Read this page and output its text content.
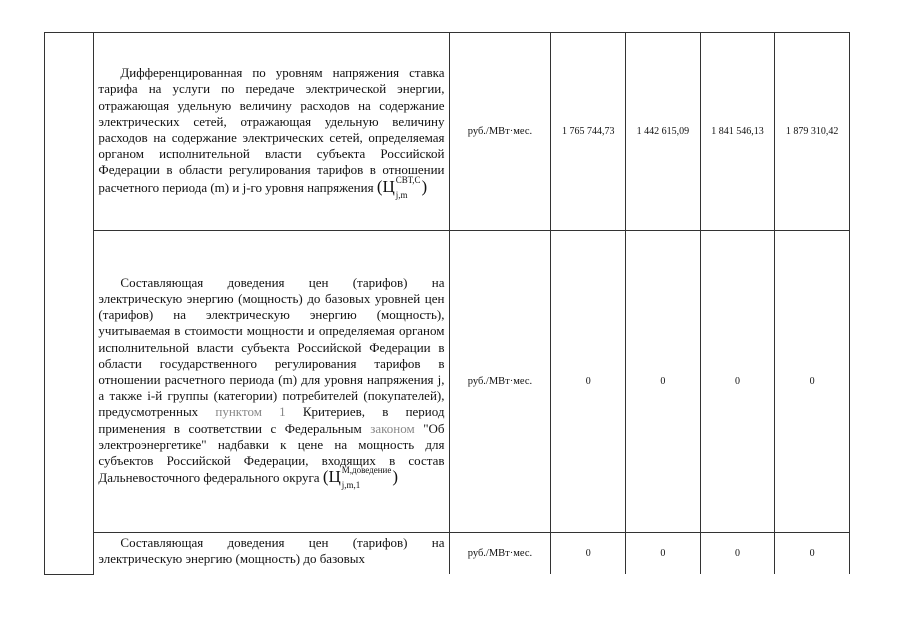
	Дифференцированная по уровням напряжения ставка тарифа на услуги по передаче электрической энергии, отражающая удельную величину расходов на содержание электрических сетей, отражающая удельную величину расходов на содержание электрических сетей, определяемая органом исполнительной власти субъекта Российской Федерации в области регулирования тарифов в отношении расчетного периода (m) и j-го уровня напряжения (Ц СВТ,С
j,m )	руб./МВт·мес.	1 765 744,73	1 442 615,09	1 841 546,13	1 879 310,42

	Составляющая доведения цен (тарифов) на электрическую энергию (мощность) до базовых уровней цен (тарифов) на электрическую энергию (мощность), учитываемая в стоимости мощности и определяемая органом исполнительной власти субъекта Российской Федерации в области государственного регулирования тарифов в отношении расчетного периода (m) для уровня напряжения j, а также i-й группы (категории) потребителей (покупателей), предусмотренных пунктом 1 Критериев, в период применения в соответствии с Федеральным законом "Об электроэнергетике" надбавки к цене на мощность для субъектов Российской Федерации, входящих в состав Дальневосточного федерального округа (Ц М,доведение
j,m,1 )	руб./МВт·мес.	0	0	0	0

	Составляющая доведения цен (тарифов) на электрическую энергию (мощность) до базовых	руб./МВт·мес.	0	0	0	0
